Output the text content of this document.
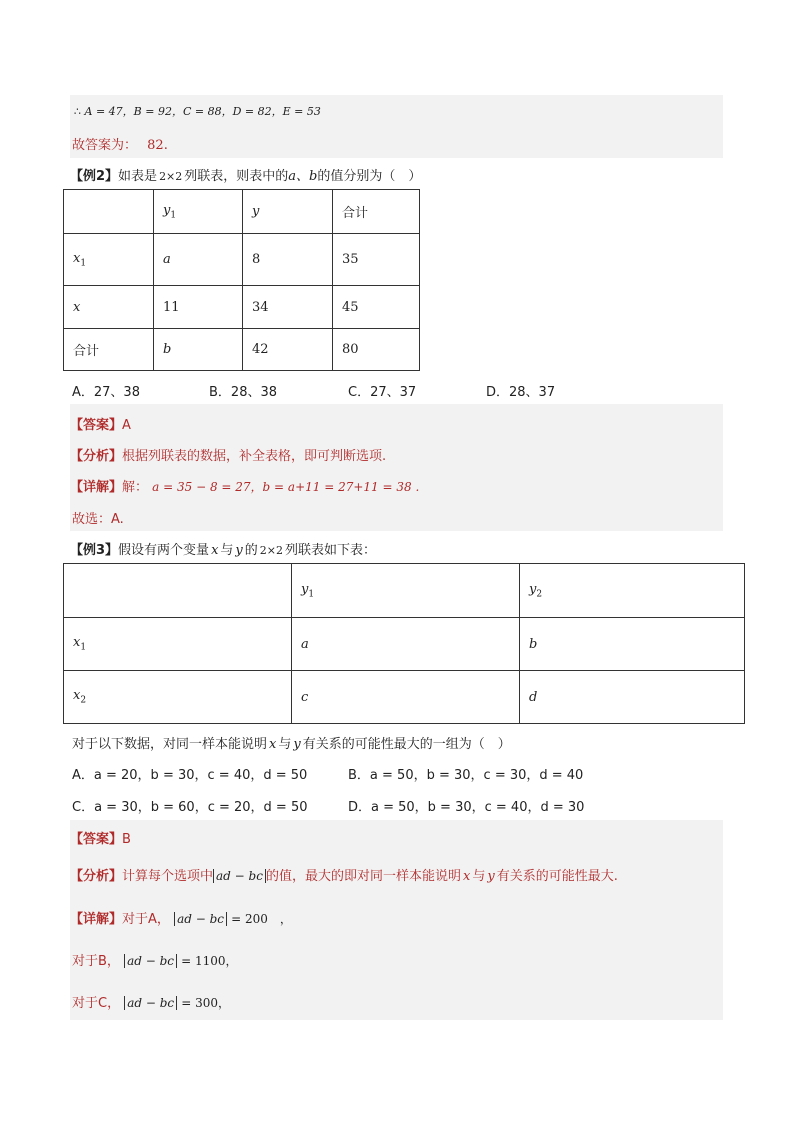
∴ A = 47，B = 92，C = 88，D = 82，E = 53
故答案为： 82.
【例2】如表是 2×2 列联表，则表中的a、b的值分别为（　）
	$y_1$	y	合计
$x_1$	a	8	35
x	11	34	45
合计	b	42	80
A．27、38	B．28、38	C．27、37	D．28、37
【答案】A
【分析】根据列联表的数据，补全表格，即可判断选项.
【详解】解： a = 35 − 8 = 27，b = a+11 = 27+11 = 38 .
故选：A.
【例3】假设有两个变量 x 与 y 的 2×2 列联表如下表：
	$y_1$	$y_2$
$x_1$	a	b
$x_2$	c	d
对于以下数据，对同一样本能说明 x 与 y 有关系的可能性最大的一组为（　）
A．a = 20，b = 30，c = 40，d = 50	B．a = 50，b = 30，c = 30，d = 40
C．a = 30，b = 60，c = 20，d = 50	D．a = 50，b = 30，c = 40，d = 30
【答案】B
【分析】计算每个选项中 ad − bc 的值，最大的即对同一样本能说明 x 与 y 有关系的可能性最大.
【详解】对于A， ad − bc = 200　，
对于B， ad − bc = 1100，
对于C， ad − bc = 300，
